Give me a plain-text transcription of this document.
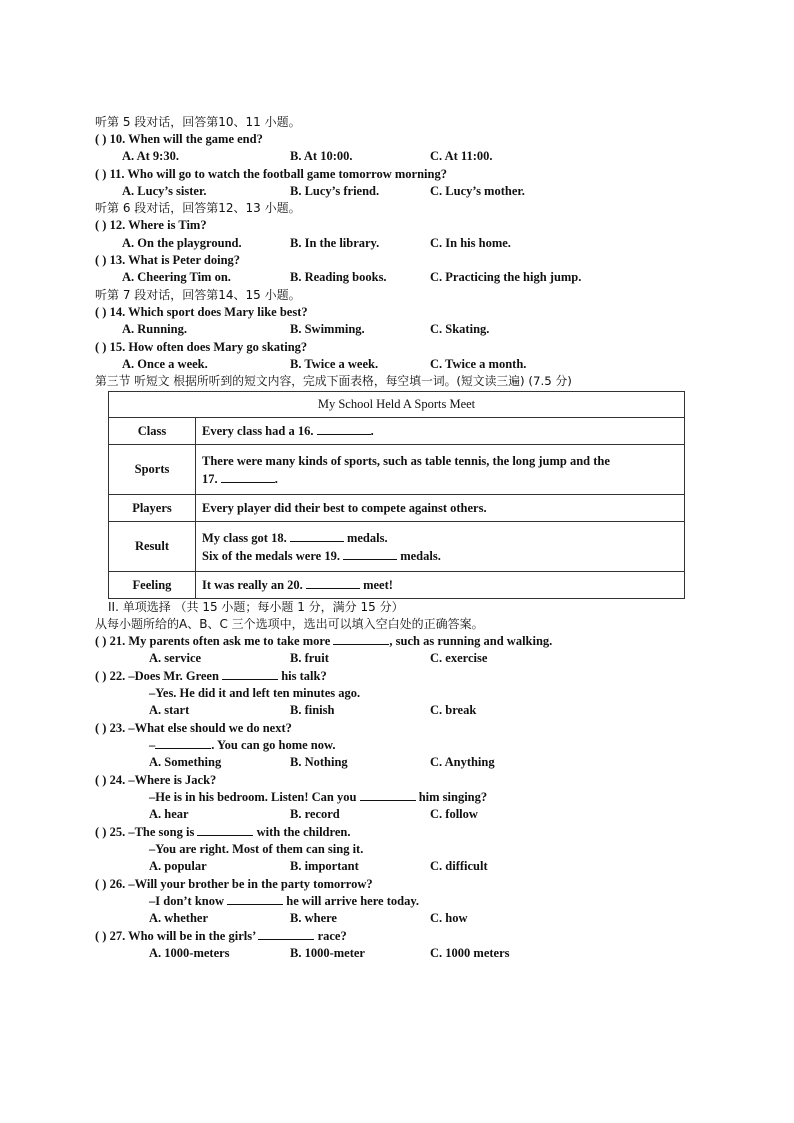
听第 5 段对话，回答第10、11 小题。
( ) 10. When will the game end?
A. At 9:30.	B. At 10:00.	C. At 11:00.
( ) 11. Who will go to watch the football game tomorrow morning?
A. Lucy’s sister.	B. Lucy’s friend.	C. Lucy’s mother.
听第 6 段对话，回答第12、13 小题。
( ) 12. Where is Tim?
A. On the playground.	B. In the library.	C. In his home.
( ) 13. What is Peter doing?
A. Cheering Tim on.	B. Reading books.	C. Practicing the high jump.
听第 7 段对话，回答第14、15 小题。
( ) 14. Which sport does Mary like best?
A. Running.	B. Swimming.	C. Skating.
( ) 15. How often does Mary go skating?
A. Once a week.	B. Twice a week.	C. Twice a month.
第三节 听短文 根据所听到的短文内容，完成下面表格，每空填一词。(短文读三遍) (7.5 分)
My School Held A Sports Meet	
Class	Every class had a 16. .
Sports	There were many kinds of sports, such as table tennis, the long jump and the
17. .

Players	Every player did their best to compete against others.
Result	My class got 18. medals.
Six of the medals were 19. medals.

Feeling	It was really an 20. meet!
II. 单项选择 （共 15 小题；每小题 1 分，满分 15 分）
从每小题所给的A、B、C 三个选项中，选出可以填入空白处的正确答案。
( ) 21. My parents often ask me to take more	, such as running and walking.
A. service	B. fruit	C. exercise
( ) 22. –Does Mr. Green	his talk?
–Yes. He did it and left ten minutes ago.
A. start	B. finish	C. break
( ) 23. –What else should we do next?
–	. You can go home now.
A. Something	B. Nothing	C. Anything
( ) 24. –Where is Jack?
–He is in his bedroom. Listen! Can you	him singing?
A. hear	B. record	C. follow
( ) 25. –The song is	with the children.
–You are right. Most of them can sing it.
A. popular	B. important	C. difficult
( ) 26. –Will your brother be in the party tomorrow?
–I don’t know	he will arrive here today.
A. whether	B. where	C. how
( ) 27. Who will be in the girls’	race?
A. 1000-meters	B. 1000-meter	C. 1000 meters
